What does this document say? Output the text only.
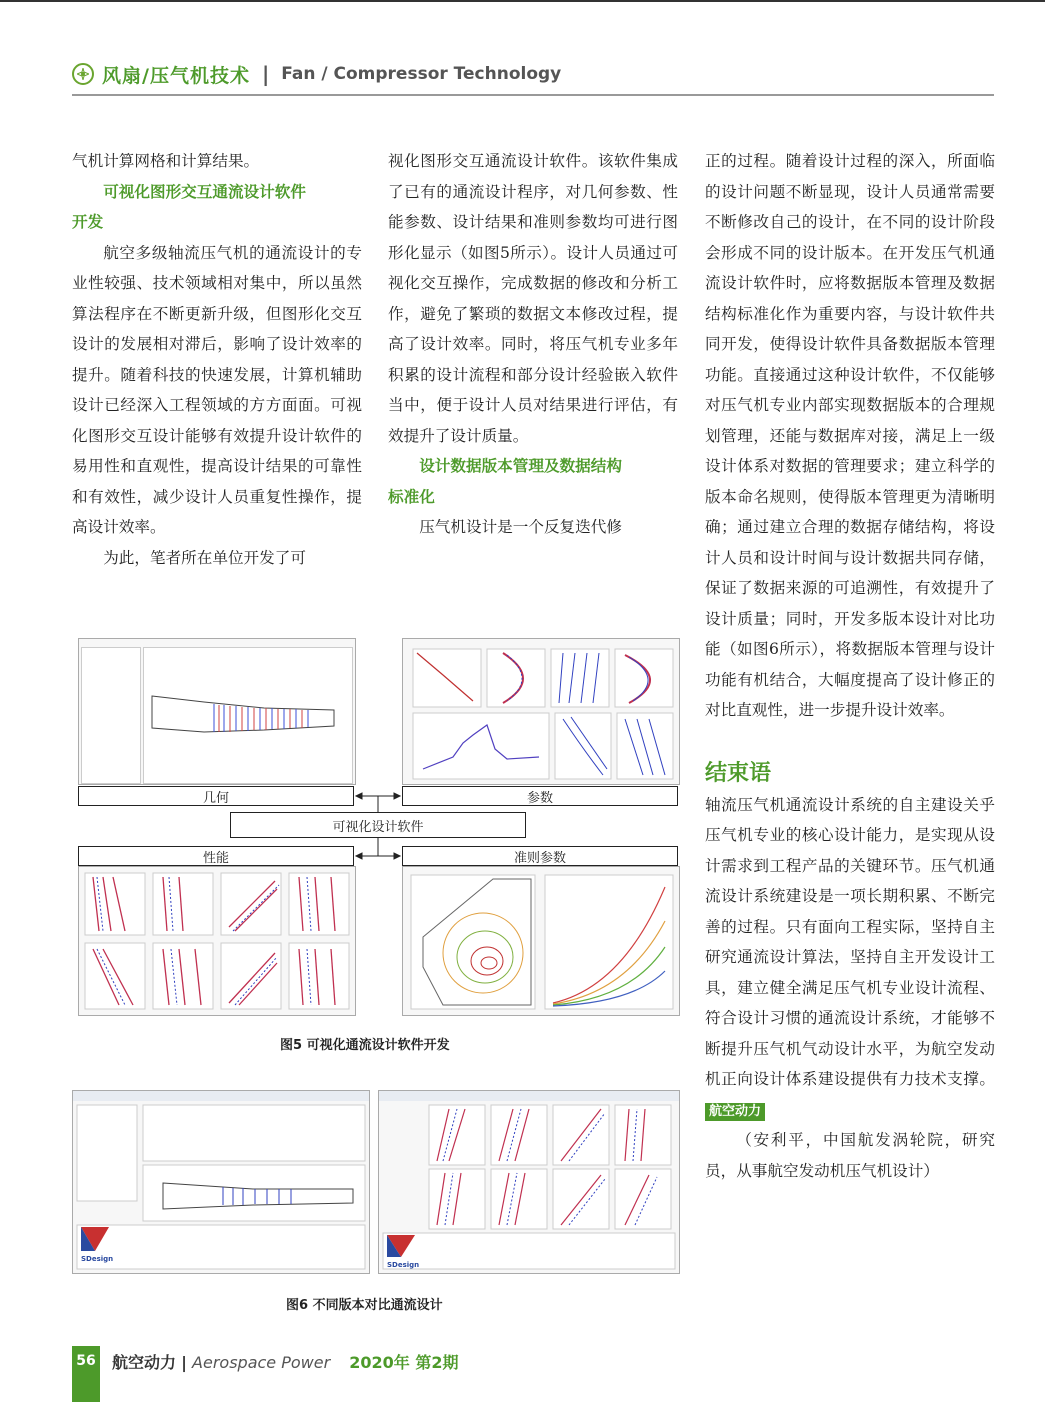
风扇/压气机技术 | Fan / Compressor Technology

气机计算网格和计算结果。

可视化图形交互通流设计软件
开发

航空多级轴流压气机的通流设计的专业性较强、技术领域相对集中，所以虽然算法程序在不断更新升级，但图形化交互设计的发展相对滞后，影响了设计效率的提升。随着科技的快速发展，计算机辅助设计已经深入工程领域的方方面面。可视化图形交互设计能够有效提升设计软件的易用性和直观性，提高设计结果的可靠性和有效性，减少设计人员重复性操作，提高设计效率。

为此，笔者所在单位开发了可

视化图形交互通流设计软件。该软件集成了已有的通流设计程序，对几何参数、性能参数、设计结果和准则参数均可进行图形化显示（如图5所示）。设计人员通过可视化交互操作，完成数据的修改和分析工作，避免了繁琐的数据文本修改过程，提高了设计效率。同时，将压气机专业多年积累的设计流程和部分设计经验嵌入软件当中，便于设计人员对结果进行评估，有效提升了设计质量。

设计数据版本管理及数据结构
标准化

压气机设计是一个反复迭代修

正的过程。随着设计过程的深入，所面临的设计问题不断显现，设计人员通常需要不断修改自己的设计，在不同的设计阶段会形成不同的设计版本。在开发压气机通流设计软件时，应将数据版本管理及数据结构标准化作为重要内容，与设计软件共同开发，使得设计软件具备数据版本管理功能。直接通过这种设计软件，不仅能够对压气机专业内部实现数据版本的合理规划管理，还能与数据库对接，满足上一级设计体系对数据的管理要求；建立科学的版本命名规则，使得版本管理更为清晰明确；通过建立合理的数据存储结构，将设计人员和设计时间与设计数据共同存储，保证了数据来源的可追溯性，有效提升了设计质量；同时，开发多版本设计对比功能（如图6所示），将数据版本管理与设计功能有机结合，大幅度提高了设计修正的对比直观性，进一步提升设计效率。

结束语

轴流压气机通流设计系统的自主建设关乎压气机专业的核心设计能力，是实现从设计需求到工程产品的关键环节。压气机通流设计系统建设是一项长期积累、不断完善的过程。只有面向工程实际，坚持自主研究通流设计算法，坚持自主开发设计工具，建立健全满足压气机专业设计流程、符合设计习惯的通流设计系统，才能够不断提升压气机气动设计水平，为航空发动机正向设计体系建设提供有力技术支撑。 航空动力

（安利平，中国航发涡轮院，研究员，从事航空发动机压气机设计）

几何	参数
可视化设计软件
性能	准则参数
图5 可视化通流设计软件开发
SDesign
SDesign
图6 不同版本对比通流设计
56 航空动力 | Aerospace Power 2020年 第2期
